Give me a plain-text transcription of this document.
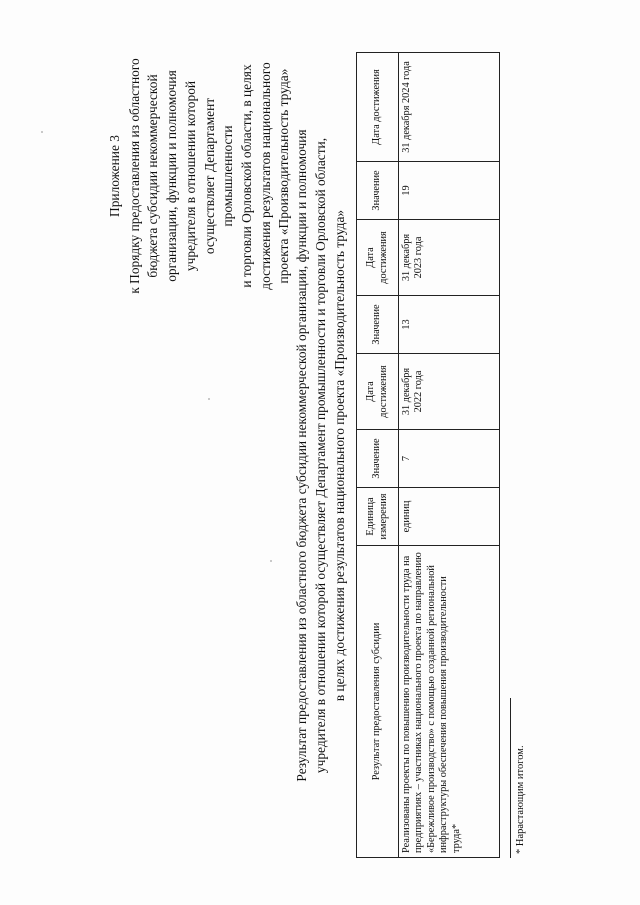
Приложение 3 к Порядку предоставления из областного бюджета субсидии некоммерческой организации, функции и полномочия учредителя в отношении которой осуществляет Департамент промышленности и торговли Орловской области, в целях достижения результатов национального проекта «Производительность труда» Результат предоставления из областного бюджета субсидии некоммерческой организации, функции и полномочия учредителя в отношении которой осуществляет Департамент промышленности и торговли Орловской области, в целях достижения результатов национального проекта «Производительность труда»
Результат предоставления субсидии	Единица измерения	Значение	Дата достижения	Значение	Дата достижения	Значение	Дата достижения
Реализованы проекты по повышению производительности труда на предприятиях – участниках национального проекта по направлению «Бережливое производство» с помощью созданной региональной инфраструктуры обеспечения повышения производительности труда*	единиц	7	31 декабря 2022 года	13	31 декабря 2023 года	19	31 декабря 2024 года
* Нарастающим итогом.
